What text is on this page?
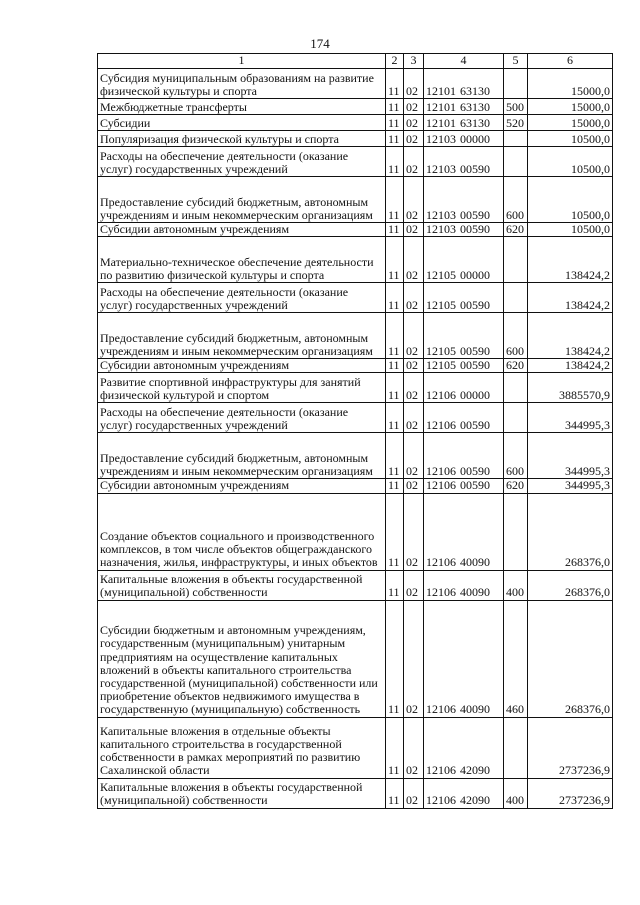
174
1	2	3	4	5	6
Субсидия муниципальным образованиям на развитие физической культуры и спорта	11	02	12101 63130		15000,0
Межбюджетные трансферты	11	02	12101 63130	500	15000,0
Субсидии	11	02	12101 63130	520	15000,0
Популяризация физической культуры и спорта	11	02	12103 00000		10500,0
Расходы на обеспечение деятельности (оказание услуг) государственных учреждений	11	02	12103 00590		10500,0
Предоставление субсидий бюджетным, автономным учреждениям и иным некоммерческим организациям	11	02	12103 00590	600	10500,0
Субсидии автономным учреждениям	11	02	12103 00590	620	10500,0
Материально-техническое обеспечение деятельности по развитию физической культуры и спорта	11	02	12105 00000		138424,2
Расходы на обеспечение деятельности (оказание услуг) государственных учреждений	11	02	12105 00590		138424,2
Предоставление субсидий бюджетным, автономным учреждениям и иным некоммерческим организациям	11	02	12105 00590	600	138424,2
Субсидии автономным учреждениям	11	02	12105 00590	620	138424,2
Развитие спортивной инфраструктуры для занятий физической культурой и спортом	11	02	12106 00000		3885570,9
Расходы на обеспечение деятельности (оказание услуг) государственных учреждений	11	02	12106 00590		344995,3
Предоставление субсидий бюджетным, автономным учреждениям и иным некоммерческим организациям	11	02	12106 00590	600	344995,3
Субсидии автономным учреждениям	11	02	12106 00590	620	344995,3
Создание объектов социального и производственного комплексов, в том числе объектов общегражданского назначения, жилья, инфраструктуры, и иных объектов	11	02	12106 40090		268376,0
Капитальные вложения в объекты государственной (муниципальной) собственности	11	02	12106 40090	400	268376,0
Субсидии бюджетным и автономным учреждениям, государственным (муниципальным) унитарным предприятиям на осуществление капитальных вложений в объекты капитального строительства государственной (муниципальной) собственности или приобретение объектов недвижимого имущества в государственную (муниципальную) собственность	11	02	12106 40090	460	268376,0
Капитальные вложения в отдельные объекты капитального строительства в государственной собственности в рамках мероприятий по развитию Сахалинской области	11	02	12106 42090		2737236,9
Капитальные вложения в объекты государственной (муниципальной) собственности	11	02	12106 42090	400	2737236,9
